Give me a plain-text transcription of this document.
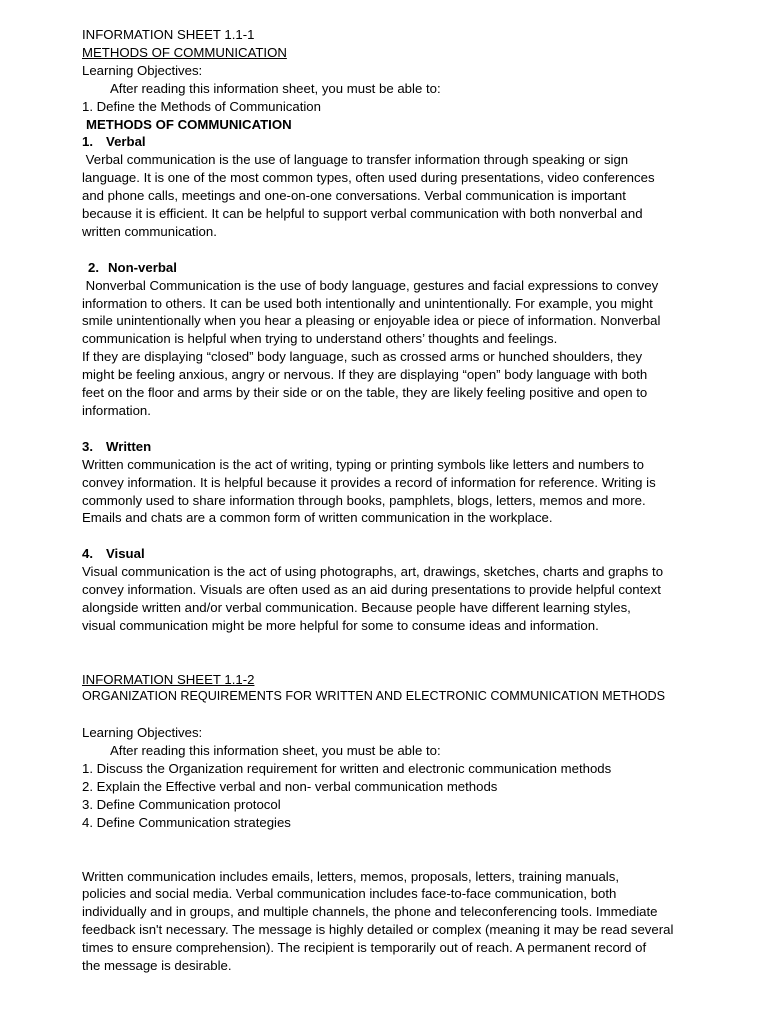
INFORMATION SHEET 1.1-1

METHODS OF COMMUNICATION

Learning Objectives:

After reading this information sheet, you must be able to:

1. Define the Methods of Communication

METHODS OF COMMUNICATION

1. Verbal

Verbal communication is the use of language to transfer information through speaking or sign

language. It is one of the most common types, often used during presentations, video conferences

and phone calls, meetings and one-on-one conversations. Verbal communication is important

because it is efficient. It can be helpful to support verbal communication with both nonverbal and

written communication.

2. Non-verbal

Nonverbal Communication is the use of body language, gestures and facial expressions to convey

information to others. It can be used both intentionally and unintentionally. For example, you might

smile unintentionally when you hear a pleasing or enjoyable idea or piece of information. Nonverbal

communication is helpful when trying to understand others’ thoughts and feelings.

If they are displaying “closed” body language, such as crossed arms or hunched shoulders, they

might be feeling anxious, angry or nervous. If they are displaying “open” body language with both

feet on the floor and arms by their side or on the table, they are likely feeling positive and open to

information.

3. Written

Written communication is the act of writing, typing or printing symbols like letters and numbers to

convey information. It is helpful because it provides a record of information for reference. Writing is

commonly used to share information through books, pamphlets, blogs, letters, memos and more.

Emails and chats are a common form of written communication in the workplace.

4. Visual

Visual communication is the act of using photographs, art, drawings, sketches, charts and graphs to

convey information. Visuals are often used as an aid during presentations to provide helpful context

alongside written and/or verbal communication. Because people have different learning styles,

visual communication might be more helpful for some to consume ideas and information.

INFORMATION SHEET 1.1-2

ORGANIZATION REQUIREMENTS FOR WRITTEN AND ELECTRONIC COMMUNICATION METHODS

Learning Objectives:

After reading this information sheet, you must be able to:

1. Discuss the Organization requirement for written and electronic communication methods

2. Explain the Effective verbal and non- verbal communication methods

3. Define Communication protocol

4. Define Communication strategies

Written communication includes emails, letters, memos, proposals, letters, training manuals,

policies and social media. Verbal communication includes face-to-face communication, both

individually and in groups, and multiple channels, the phone and teleconferencing tools. Immediate

feedback isn't necessary. The message is highly detailed or complex (meaning it may be read several

times to ensure comprehension). The recipient is temporarily out of reach. A permanent record of

the message is desirable.
